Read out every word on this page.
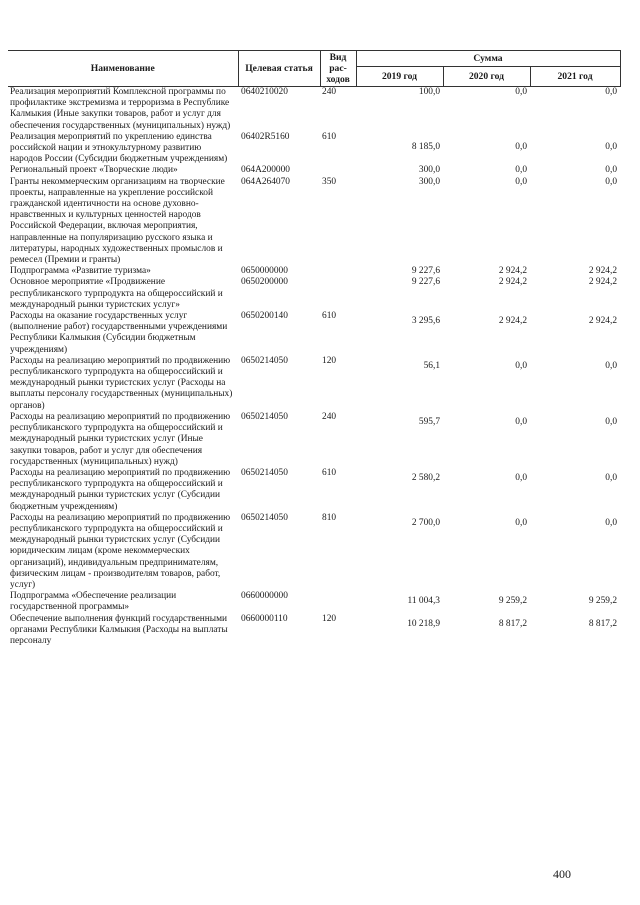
Наименование	Целевая статья	Вид рас-ходов	Сумма		
			2019 год	2020 год	2021 год
Реализация мероприятий Комплексной программы по профилактике экстремизма и терроризма в Республике Калмыкия (Иные закупки товаров, работ и услуг для обеспечения государственных (муниципальных) нужд)	0640210020	240	100,0	0,0	0,0

Реализация мероприятий по укреплению единства российской нации и этнокультурному развитию народов России (Субсидии бюджетным учреждениям)	06402R5160	610	8 185,0	0,0	0,0

Региональный проект «Творческие люди»	064A200000		300,0	0,0	0,0

Гранты некоммерческим организациям на творческие проекты, направленные на укрепление российской гражданской идентичности на основе духовно-нравственных и культурных ценностей народов Российской Федерации, включая мероприятия, направленные на популяризацию русского языка и литературы, народных художественных промыслов и ремесел (Премии и гранты)	064A264070	350	300,0	0,0	0,0

Подпрограмма «Развитие туризма»	0650000000		9 227,6	2 924,2	2 924,2

Основное мероприятие «Продвижение республиканского турпродукта на общероссийский и международный рынки туристских услуг»	0650200000		9 227,6	2 924,2	2 924,2

Расходы на оказание государственных услуг (выполнение работ) государственными учреждениями Республики Калмыкия (Субсидии бюджетным учреждениям)	0650200140	610	3 295,6	2 924,2	2 924,2

Расходы на реализацию мероприятий по продвижению республиканского турпродукта на общероссийский и международный рынки туристских услуг (Расходы на выплаты персоналу государственных (муниципальных) органов)	0650214050	120	56,1	0,0	0,0

Расходы на реализацию мероприятий по продвижению республиканского турпродукта на общероссийский и международный рынки туристских услуг (Иные закупки товаров, работ и услуг для обеспечения государственных (муниципальных) нужд)	0650214050	240	595,7	0,0	0,0

Расходы на реализацию мероприятий по продвижению республиканского турпродукта на общероссийский и международный рынки туристских услуг (Субсидии бюджетным учреждениям)	0650214050	610	2 580,2	0,0	0,0

Расходы на реализацию мероприятий по продвижению республиканского турпродукта на общероссийский и международный рынки туристских услуг (Субсидии юридическим лицам (кроме некоммерческих организаций), индивидуальным предпринимателям, физическим лицам - производителям товаров, работ, услуг)	0650214050	810	2 700,0	0,0	0,0

Подпрограмма «Обеспечение реализации государственной программы»	0660000000		11 004,3	9 259,2	9 259,2

Обеспечение выполнения функций государственными органами Республики Калмыкия (Расходы на выплаты персоналу	0660000110	120	10 218,9	8 817,2	8 817,2
400
